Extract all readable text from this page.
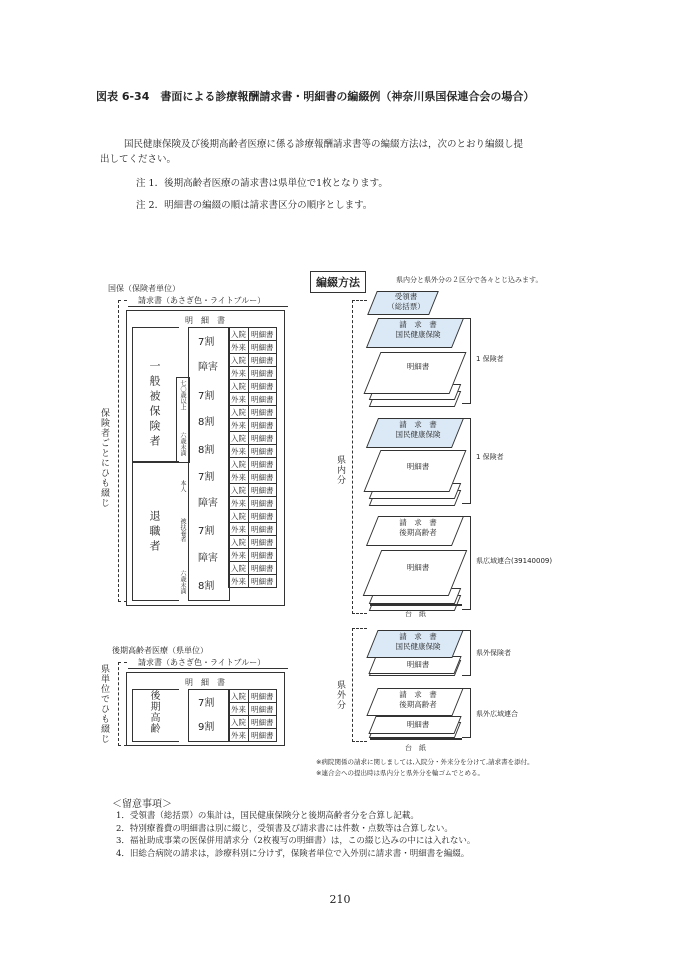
図表 6-34　書面による診療報酬請求書・明細書の編綴例（神奈川県国保連合会の場合）
国民健康保険及び後期高齢者医療に係る診療報酬請求書等の編綴方法は，次のとおり編綴し提
出してください。
注 1．後期高齢者医療の請求書は県単位で1枚となります。
注 2．明細書の編綴の順は請求書区分の順序とします。
国保（保険者単位）
請求書（あさぎ色・ライトブルー）
保険者ごとにひも綴じ
明　細　書
一般被保険者
退職者
七〇歳以上
六歳未満
本人
被扶養者
六歳未満
7割
障害
7割
8割
8割
7割
障害
7割
障害
8割
入院	明細書
外来	明細書
入院	明細書
外来	明細書
入院	明細書
外来	明細書
入院	明細書
外来	明細書
入院	明細書
外来	明細書
入院	明細書
外来	明細書
入院	明細書
外来	明細書
入院	明細書
外来	明細書
入院	明細書
外来	明細書
入院	明細書
外来	明細書
後期高齢者医療（県単位）
請求書（あさぎ色・ライトブルー）
県単位でひも綴じ	明　細　書
後期高齢	7割
9割
入院	明細書
外来	明細書
入院	明細書
外来	明細書
編綴方法	県内分と県外分の２区分で各々とじ込みます。
県内分
受領書
（総括票）
明細書
請　求　書
国民健康保険
1 保険者
明細書
請　求　書
国民健康保険
1 保険者
明細書
請　求　書
後期高齢者
県広域連合(39140009)
台　紙
県外分
明細書
請　求　書
国民健康保険
県外保険者
明細書
請　求　書
後期高齢者
県外広域連合
台　紙
※病院関係の請求に関しましては,入院分・外来分を分けて,請求書を添付。
※連合会への提出時は県内分と県外分を輪ゴムでとめる。
＜留意事項＞
1．受領書（総括票）の集計は，国民健康保険分と後期高齢者分を合算し記載。
2．特別療養費の明細書は別に綴じ，受領書及び請求書には件数・点数等は合算しない。
3．福祉助成事業の医保併用請求分（2枚複写の明細書）は，この綴じ込みの中には入れない。
4．旧総合病院の請求は，診療科別に分けず，保険者単位で入外別に請求書・明細書を編綴。
210
